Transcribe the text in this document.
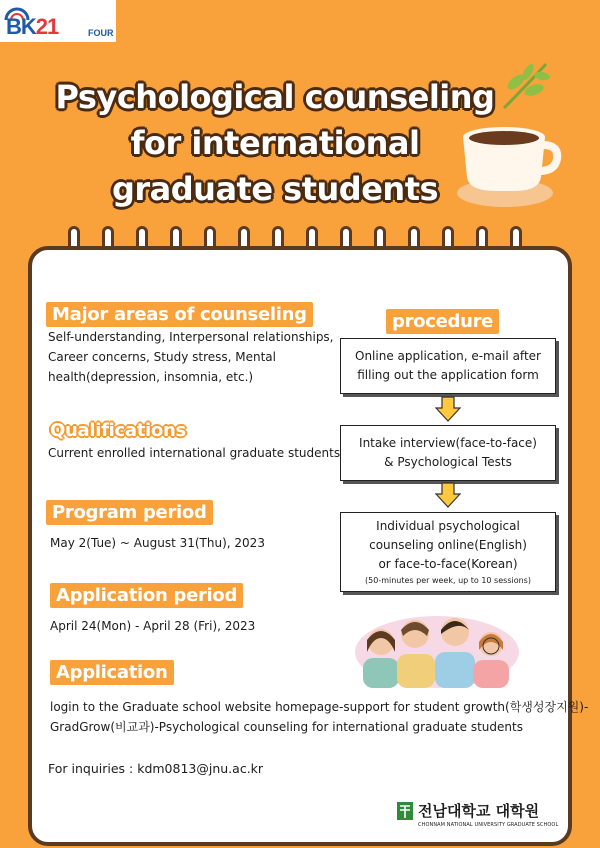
BK21	FOUR
Psychological counseling
for international
graduate students
Major areas of counseling
Self-understanding, Interpersonal relationships,
Career concerns, Study stress, Mental
health(depression, insomnia, etc.)
Qualifications
Current enrolled international graduate students
Program period
May 2(Tue) ~ August 31(Thu), 2023
Application period
April 24(Mon) - April 28 (Fri), 2023
Application
login to the Graduate school website homepage-support for student growth(학생성장지원)-
GradGrow(비교과)-Psychological counseling for international graduate students
For inquiries : kdm0813@jnu.ac.kr
procedure
Online application, e-mail after
filling out the application form
Intake interview(face-to-face)
& Psychological Tests
Individual psychological
counseling online(English)
or face-to-face(Korean)
(50-minutes per week, up to 10 sessions)
전남대학교 대학원
CHONNAM NATIONAL UNIVERSITY GRADUATE SCHOOL
